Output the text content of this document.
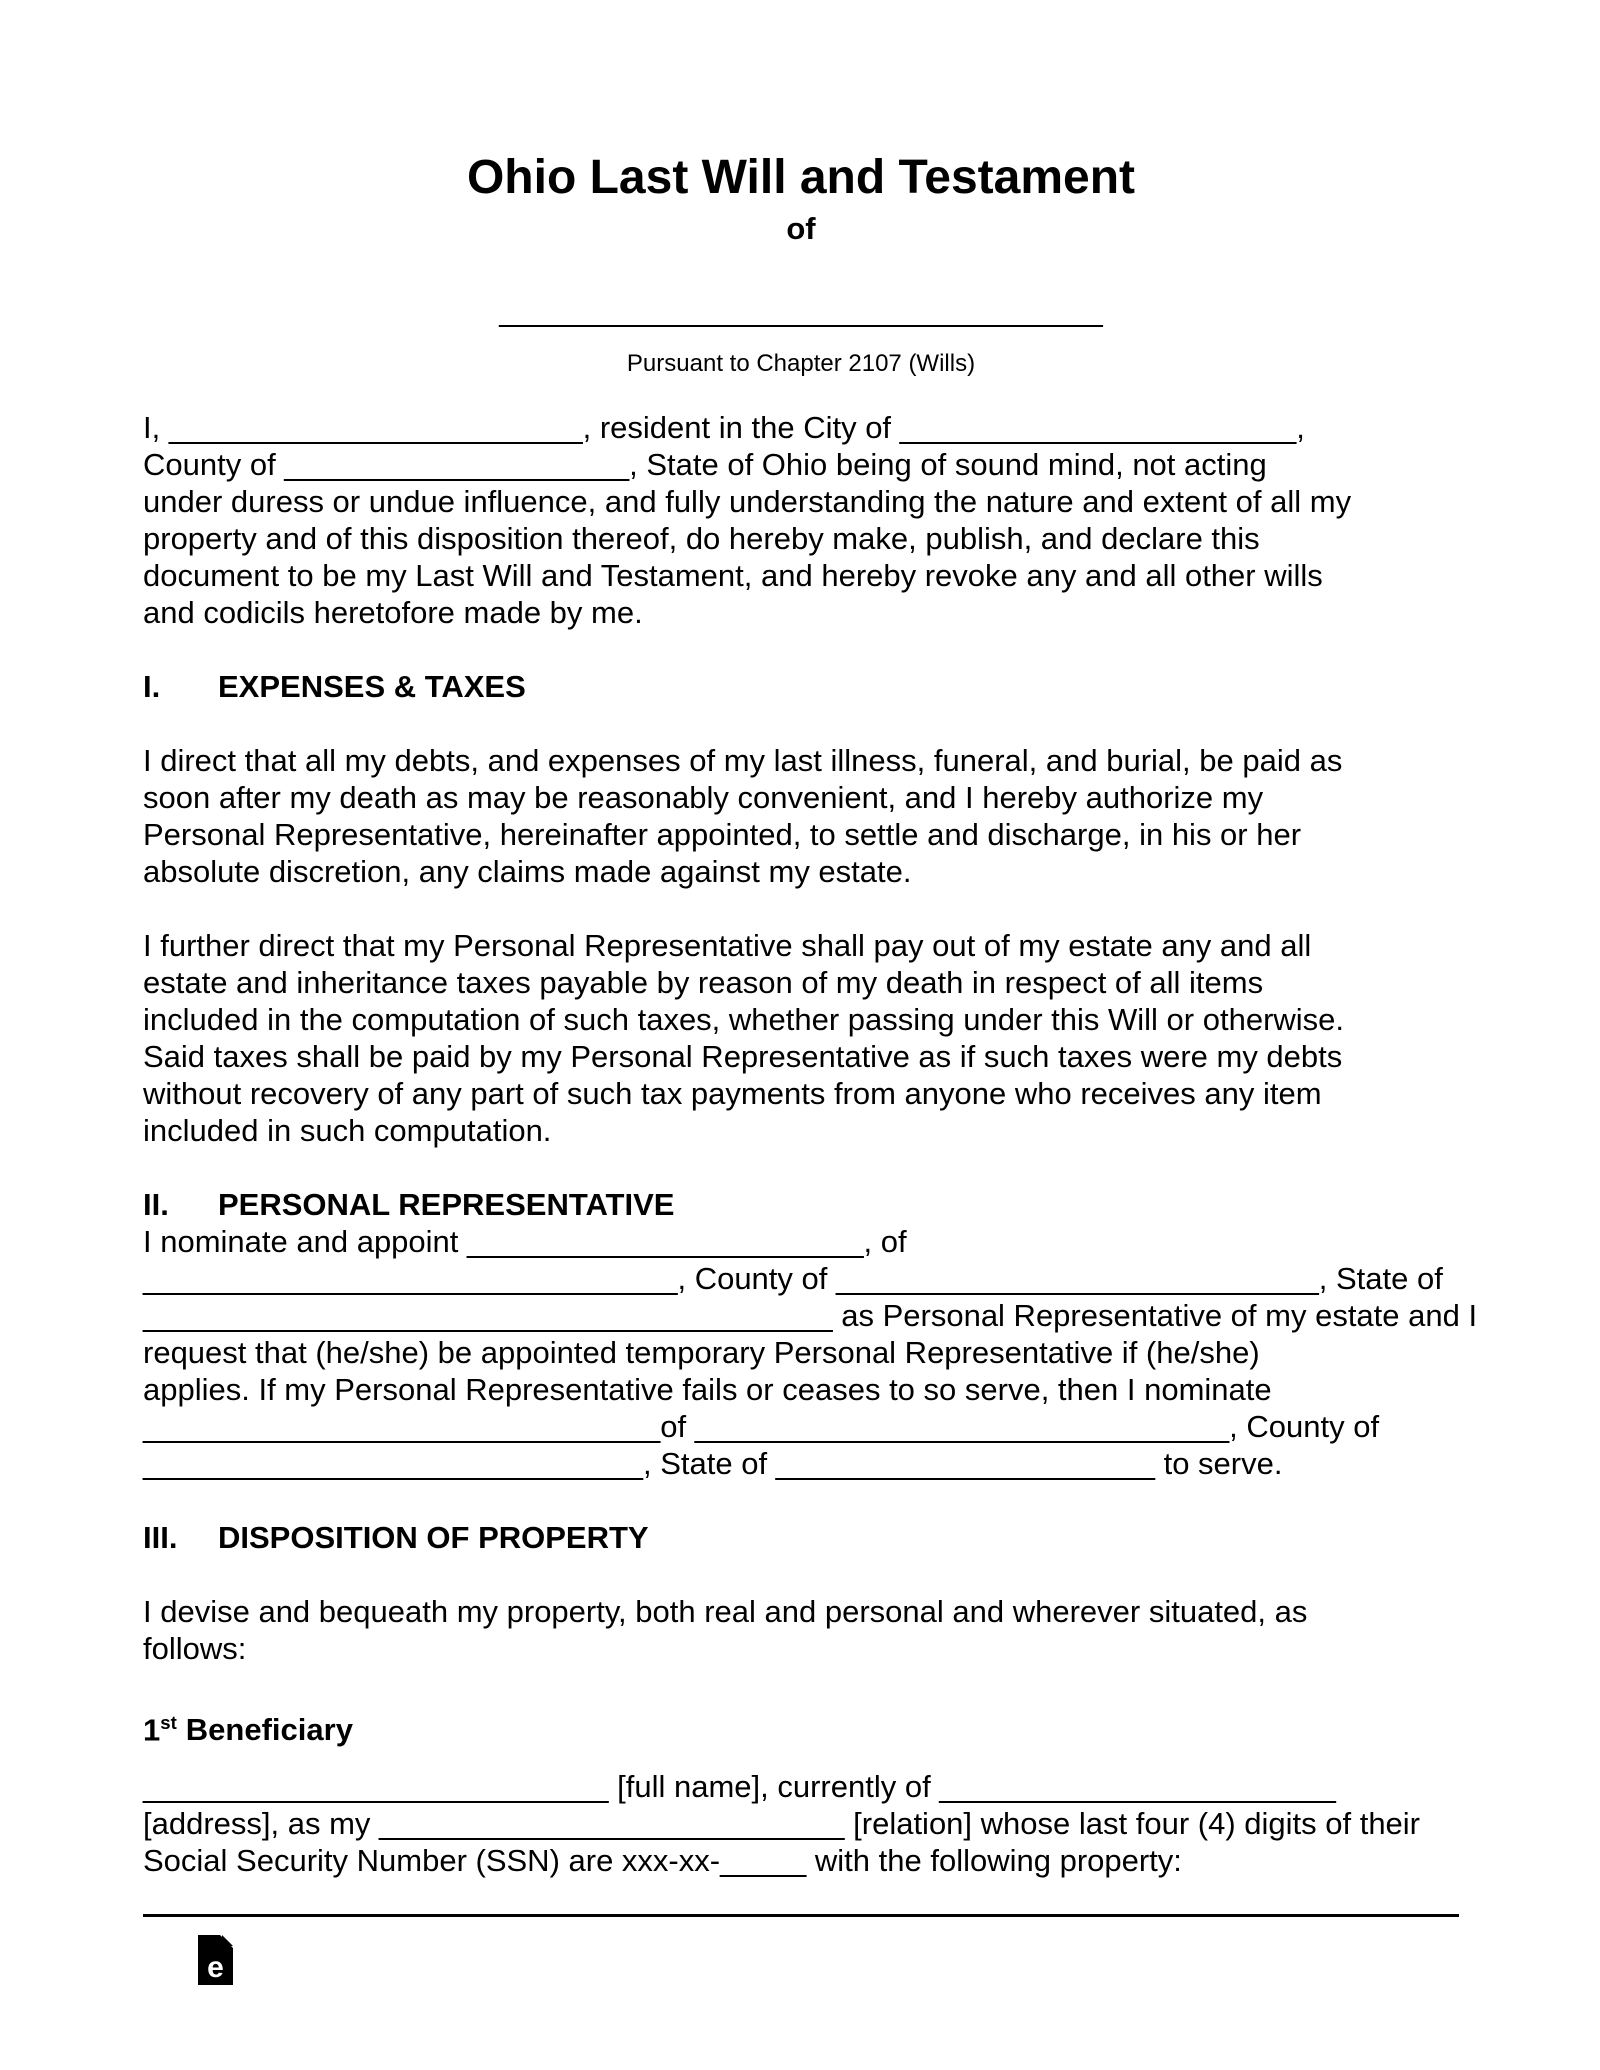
Ohio Last Will and Testament
of
___________________________________
Pursuant to Chapter 2107 (Wills)
I, ________________________, resident in the City of _______________________,
County of ____________________, State of Ohio being of sound mind, not acting
under duress or undue influence, and fully understanding the nature and extent of all my
property and of this disposition thereof, do hereby make, publish, and declare this
document to be my Last Will and Testament, and hereby revoke any and all other wills
and codicils heretofore made by me.
I. EXPENSES & TAXES
I direct that all my debts, and expenses of my last illness, funeral, and burial, be paid as
soon after my death as may be reasonably convenient, and I hereby authorize my
Personal Representative, hereinafter appointed, to settle and discharge, in his or her
absolute discretion, any claims made against my estate.
I further direct that my Personal Representative shall pay out of my estate any and all
estate and inheritance taxes payable by reason of my death in respect of all items
included in the computation of such taxes, whether passing under this Will or otherwise.
Said taxes shall be paid by my Personal Representative as if such taxes were my debts
without recovery of any part of such tax payments from anyone who receives any item
included in such computation.
II. PERSONAL REPRESENTATIVE
I nominate and appoint _______________________, of
_______________________________, County of ____________________________, State of
________________________________________ as Personal Representative of my estate and I
request that (he/she) be appointed temporary Personal Representative if (he/she)
applies. If my Personal Representative fails or ceases to so serve, then I nominate
______________________________of _______________________________, County of
_____________________________, State of ______________________ to serve.
III. DISPOSITION OF PROPERTY
I devise and bequeath my property, both real and personal and wherever situated, as
follows:
1st Beneficiary
___________________________ [full name], currently of _______________________
[address], as my ___________________________ [relation] whose last four (4) digits of their
Social Security Number (SSN) are xxx-xx-_____ with the following property:
e
